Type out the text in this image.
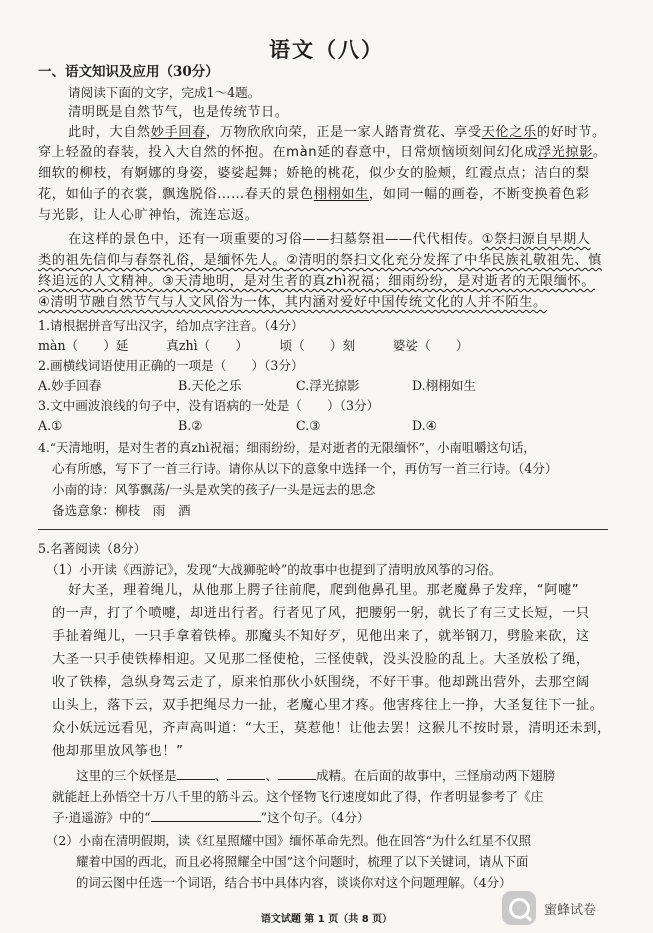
语文（八）
一、语文知识及应用（30分）
请阅读下面的文字，完成1～4题。
清明既是自然节气，也是传统节日。
此时，大自然妙手回春，万物欣欣向荣，正是一家人踏青赏花、享受天伦之乐的好时节。
穿上轻盈的春装，投入大自然的怀抱。在màn延的春意中，日常烦恼顷刻间幻化成浮光掠影。
细软的柳枝，有婀娜的身姿，婆娑起舞；娇艳的桃花，似少女的脸颊，红霞点点；洁白的梨
花，如仙子的衣裳，飘逸脱俗……春天的景色栩栩如生，如同一幅的画卷，不断变换着色彩
与光影，让人心旷神怡，流连忘返。
在这样的景色中，还有一项重要的习俗——扫墓祭祖——代代相传。①祭扫源自早期人
类的祖先信仰与春祭礼俗，是缅怀先人。②清明的祭扫文化充分发挥了中华民族礼敬祖先、慎
终追远的人文精神。③天清地明，是对生者的真zhì祝福；细雨纷纷，是对逝者的无限缅怀。
④清明节融自然节气与人文风俗为一体，其内涵对爱好中国传统文化的人并不陌生。
1.请根据拼音写出汉字，给加点字注音。（4分）
màn（　　）延　　　真zhì（　　）　　　顷（　　）刻　　　婆娑（　　）
2.画横线词语使用正确的一项是（　　）（3分）
A.妙手回春	B.天伦之乐	C.浮光掠影	D.栩栩如生
3.文中画波浪线的句子中，没有语病的一处是（　　）（3分）
A.①	B.②	C.③	D.④
4.“天清地明，是对生者的真zhì祝福；细雨纷纷，是对逝者的无限缅怀”，小南咀嚼这句话，
心有所感，写下了一首三行诗。请你从以下的意象中选择一个，再仿写一首三行诗。（4分）
小南的诗：风筝飘荡/一头是欢笑的孩子/一头是远去的思念
备选意象：柳枝　雨　酒
5.名著阅读（8分）
（1）小开读《西游记》，发现“大战狮驼岭”的故事中也提到了清明放风筝的习俗。
好大圣，理着绳儿，从他那上腭子往前爬，爬到他鼻孔里。那老魔鼻子发痒，“阿嚏”
的一声，打了个喷嚏，却迸出行者。行者见了风，把腰躬一躬，就长了有三丈长短，一只
手扯着绳儿，一只手拿着铁棒。那魔头不知好歹，见他出来了，就举钢刀，劈脸来砍，这
大圣一只手使铁棒相迎。又见那二怪使枪，三怪使戟，没头没脸的乱上。大圣放松了绳，
收了铁棒，急纵身驾云走了，原来怕那伙小妖围绕，不好干事。他却跳出营外，去那空阔
山头上，落下云，双手把绳尽力一扯，老魔心里才疼。他害疼往上一挣，大圣复往下一扯。
众小妖远远看见，齐声高叫道：“大王，莫惹他！让他去罢！这猴儿不按时景，清明还未到，
他却那里放风筝也！”
这里的三个妖怪是	、	、	成精。在后面的故事中，三怪扇动两下翅膀
就能赶上孙悟空十万八千里的筋斗云。这个怪物飞行速度如此了得，作者明显参考了《庄
子·逍遥游》中的“	”这个句子。（4分）
（2）小南在清明假期，读《红星照耀中国》缅怀革命先烈。他在回答“为什么红星不仅照
耀着中国的西北，而且必将照耀全中国”这个问题时，梳理了以下关键词，请从下面
的词云图中任选一个词语，结合书中具体内容，谈谈你对这个问题理解。（4分）
语文试题 第 1 页（共 8 页）
蜜蜂试卷
